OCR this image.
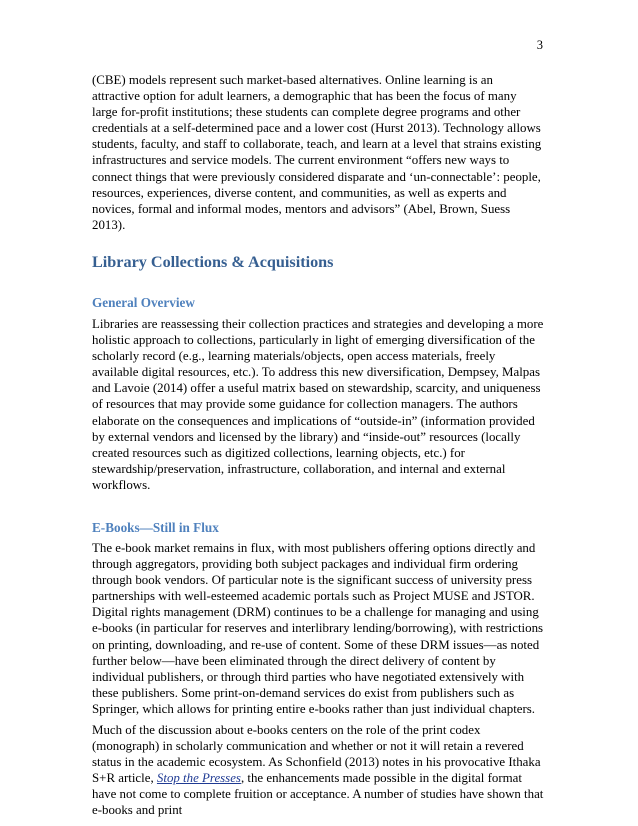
3

(CBE) models represent such market-based alternatives. Online learning is an attractive option for adult learners, a demographic that has been the focus of many large for-profit institutions; these students can complete degree programs and other credentials at a self-determined pace and a lower cost (Hurst 2013). Technology allows students, faculty, and staff to collaborate, teach, and learn at a level that strains existing infrastructures and service models. The current environment “offers new ways to connect things that were previously considered disparate and ‘un-connectable’: people, resources, experiences, diverse content, and communities, as well as experts and novices, formal and informal modes, mentors and advisors” (Abel, Brown, Suess 2013).

Library Collections & Acquisitions
General Overview

Libraries are reassessing their collection practices and strategies and developing a more holistic approach to collections, particularly in light of emerging diversification of the scholarly record (e.g., learning materials/objects, open access materials, freely available digital resources, etc.). To address this new diversification, Dempsey, Malpas and Lavoie (2014) offer a useful matrix based on stewardship, scarcity, and uniqueness of resources that may provide some guidance for collection managers. The authors elaborate on the consequences and implications of “outside-in” (information provided by external vendors and licensed by the library) and “inside-out” resources (locally created resources such as digitized collections, learning objects, etc.) for stewardship/preservation, infrastructure, collaboration, and internal and external workflows.

E-Books—Still in Flux

The e-book market remains in flux, with most publishers offering options directly and through aggregators, providing both subject packages and individual firm ordering through book vendors. Of particular note is the significant success of university press partnerships with well-esteemed academic portals such as Project MUSE and JSTOR. Digital rights management (DRM) continues to be a challenge for managing and using e-books (in particular for reserves and interlibrary lending/borrowing), with restrictions on printing, downloading, and re-use of content. Some of these DRM issues—as noted further below—have been eliminated through the direct delivery of content by individual publishers, or through third parties who have negotiated extensively with these publishers. Some print-on-demand services do exist from publishers such as Springer, which allows for printing entire e-books rather than just individual chapters.

Much of the discussion about e-books centers on the role of the print codex (monograph) in scholarly communication and whether or not it will retain a revered status in the academic ecosystem. As Schonfield (2013) notes in his provocative Ithaka S+R article, Stop the Presses, the enhancements made possible in the digital format have not come to complete fruition or acceptance. A number of studies have shown that e-books and print
